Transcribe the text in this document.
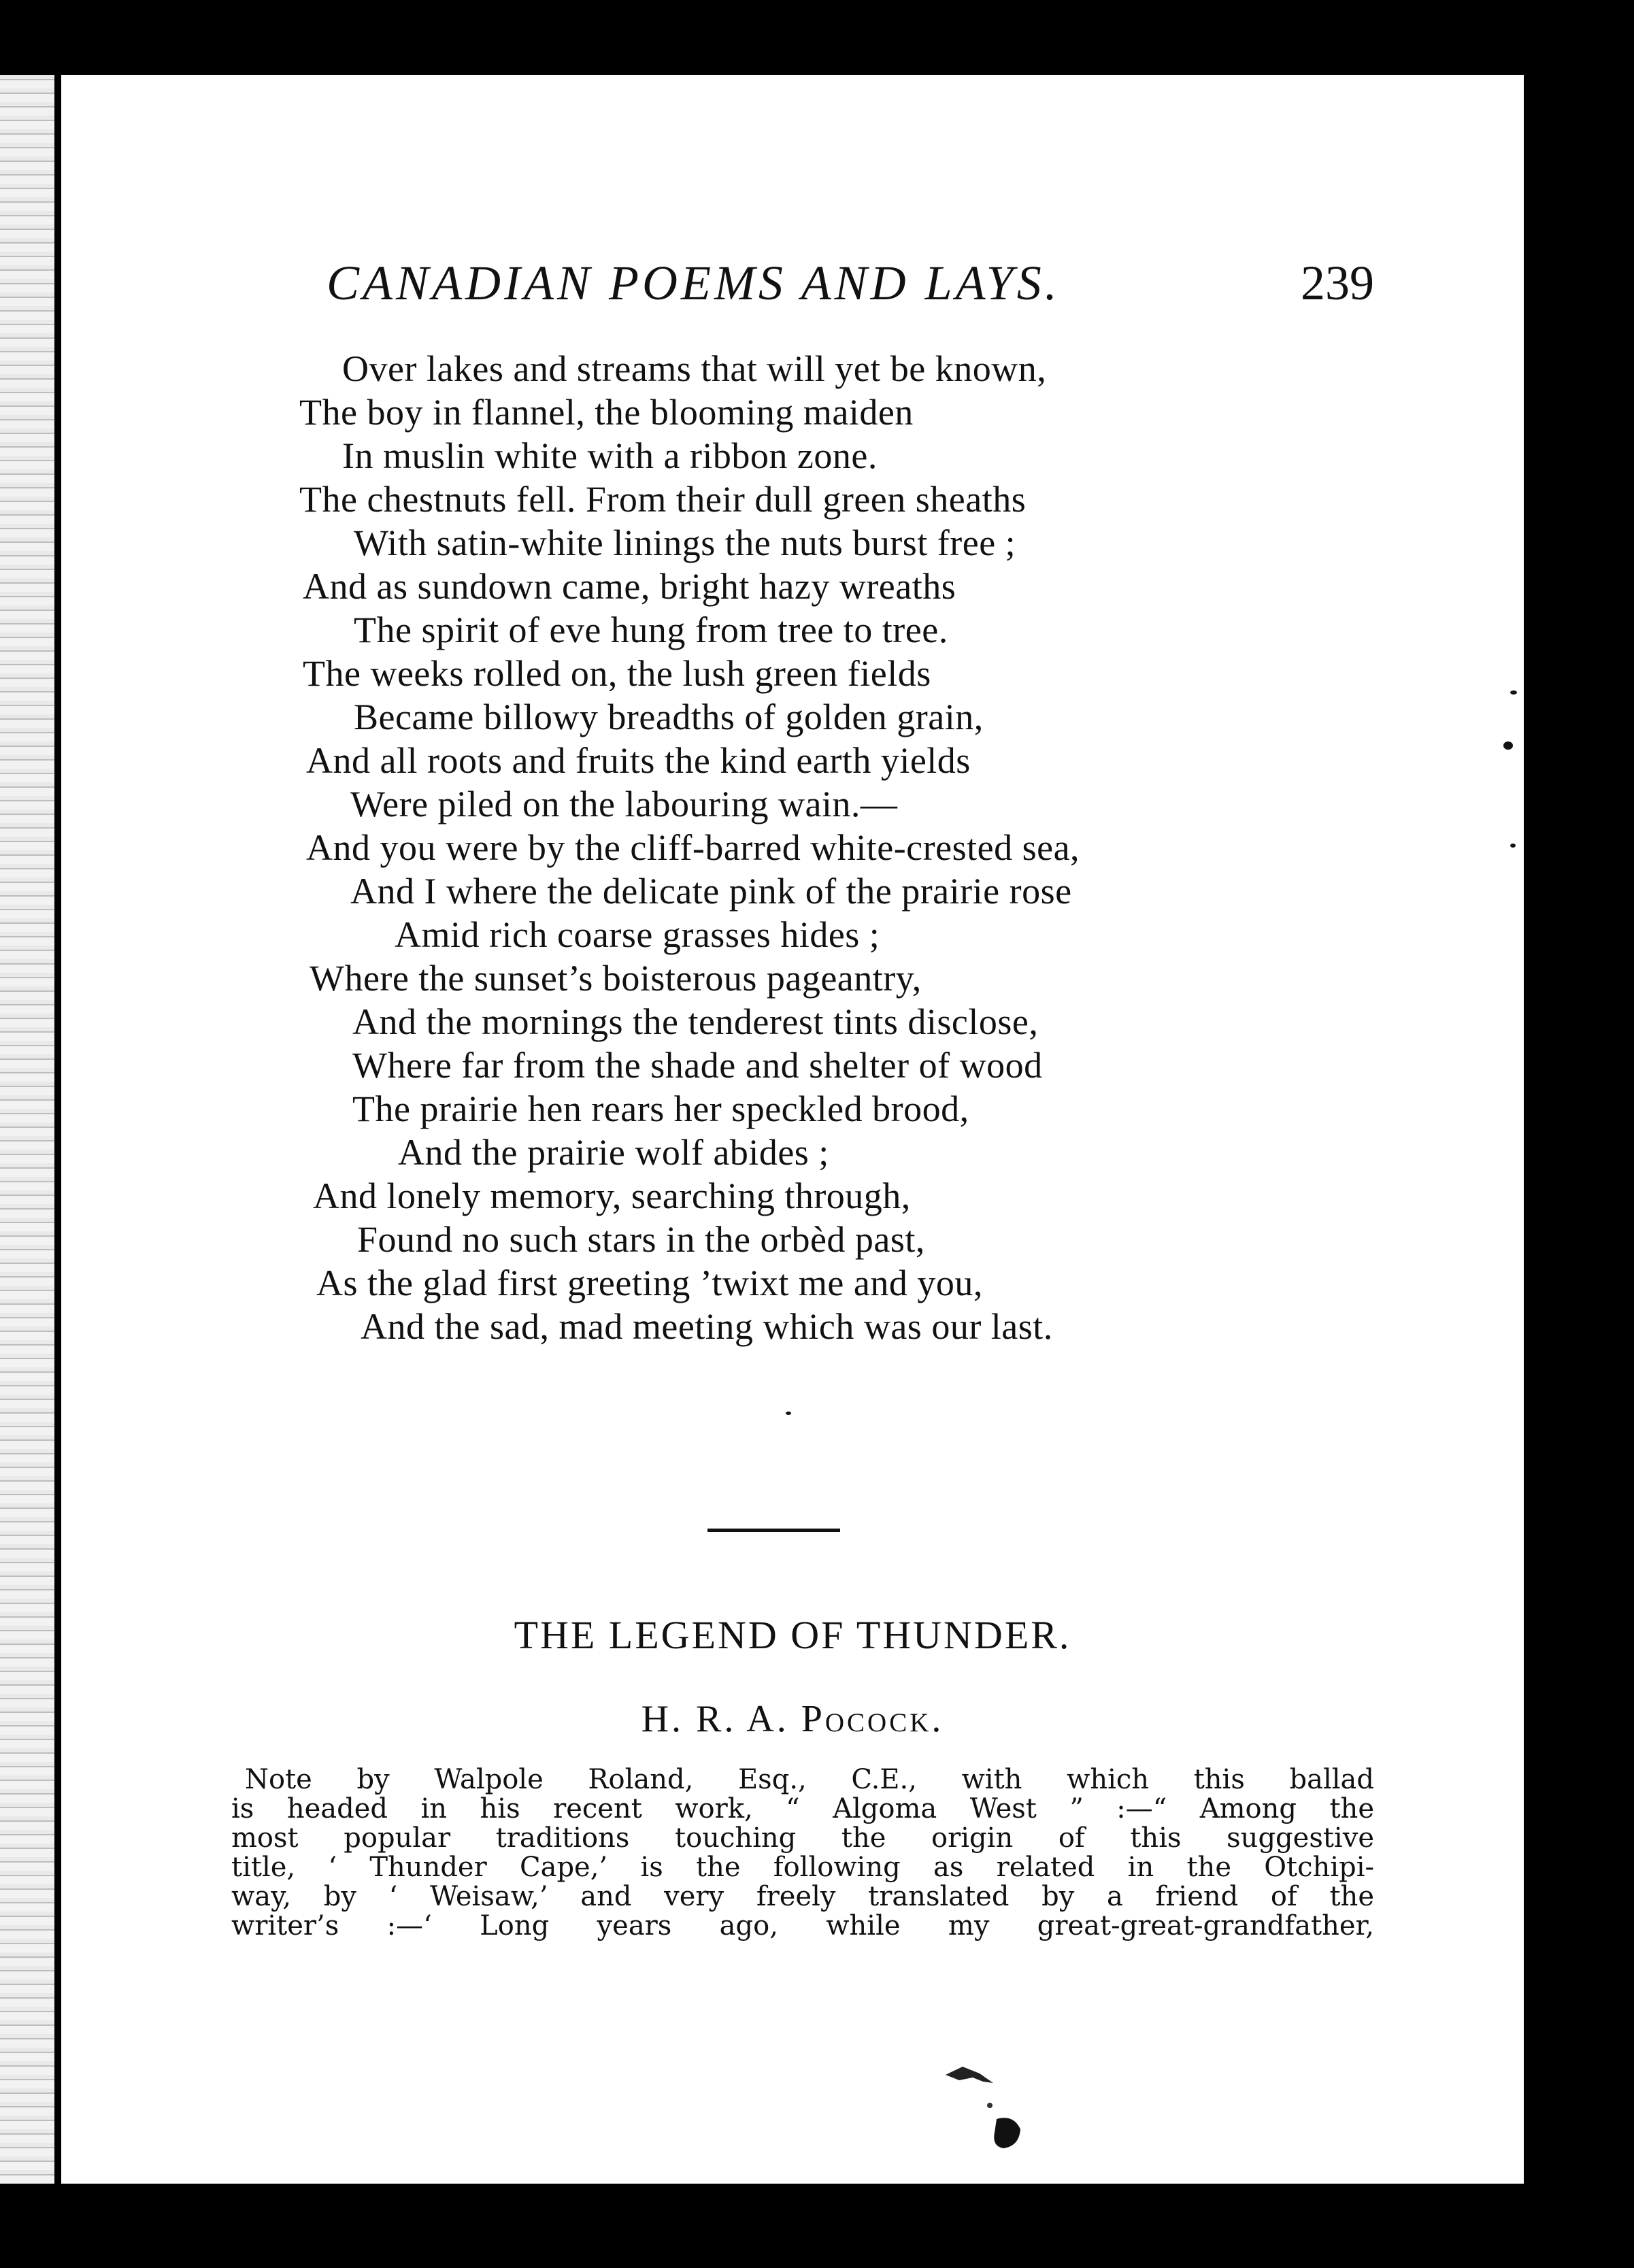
CANADIAN POEMS AND LAYS.	239
Over lakes and streams that will yet be known,
The boy in flannel, the blooming maiden
In muslin white with a ribbon zone.
The chestnuts fell. From their dull green sheaths
With satin-white linings the nuts burst free ;
And as sundown came, bright hazy wreaths
The spirit of eve hung from tree to tree.
The weeks rolled on, the lush green fields
Became billowy breadths of golden grain,
And all roots and fruits the kind earth yields
Were piled on the labouring wain.—
And you were by the cliff-barred white-crested sea,
And I where the delicate pink of the prairie rose
Amid rich coarse grasses hides ;
Where the sunset’s boisterous pageantry,
And the mornings the tenderest tints disclose,
Where far from the shade and shelter of wood
The prairie hen rears her speckled brood,
And the prairie wolf abides ;
And lonely memory, searching through,
Found no such stars in the orbèd past,
As the glad first greeting ’twixt me and you,
And the sad, mad meeting which was our last.
THE LEGEND OF THUNDER.
H. R. A. Pocock.
Note by Walpole Roland, Esq., C.E., with which this ballad
is headed in his recent work, “ Algoma West ” :—“ Among the
most popular traditions touching the origin of this suggestive
title, ‘ Thunder Cape,’ is the following as related in the Otchipi-
way, by ‘ Weisaw,’ and very freely translated by a friend of the
writer’s :—‘ Long years ago, while my great-great-grandfather,
